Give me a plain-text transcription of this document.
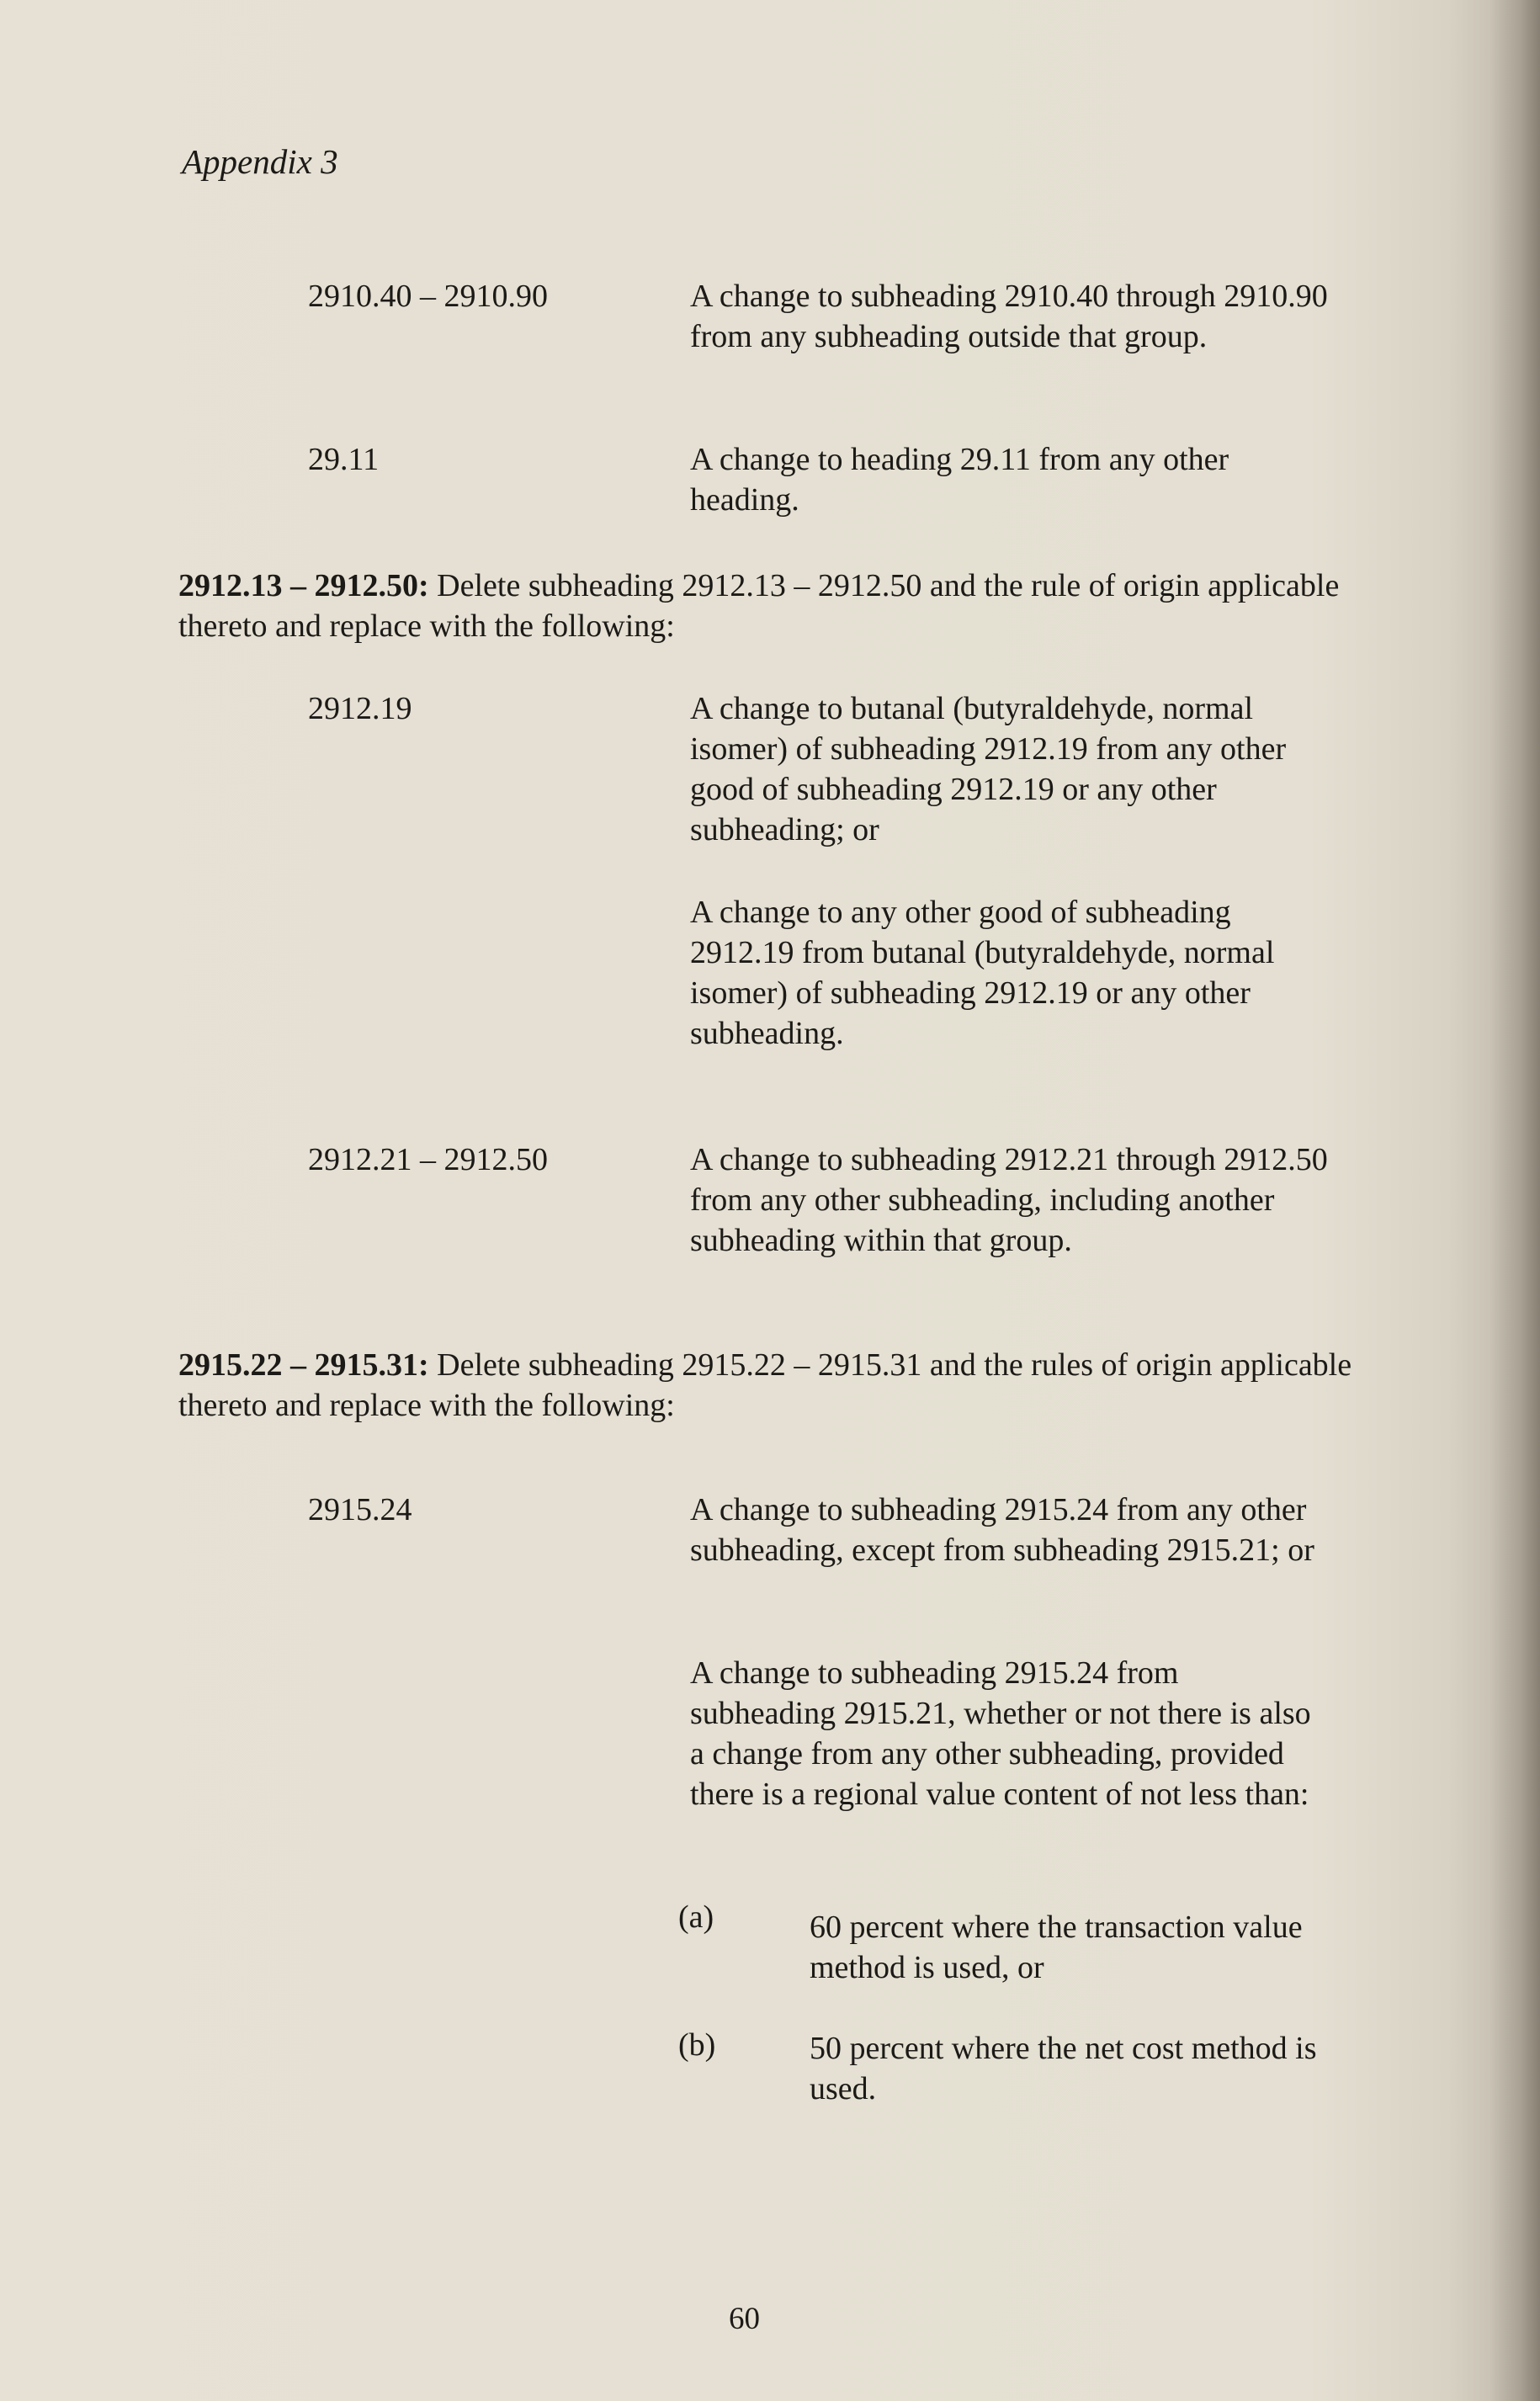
Appendix 3
2910.40 – 2910.90	A change to subheading 2910.40 through 2910.90 from any subheading outside that group.
29.11	A change to heading 29.11 from any other heading.
2912.13 – 2912.50: Delete subheading 2912.13 – 2912.50 and the rule of origin applicable thereto and replace with the following:
2912.19	A change to butanal (butyraldehyde, normal isomer) of subheading 2912.19 from any other good of subheading 2912.19 or any other subheading; or
A change to any other good of subheading 2912.19 from butanal (butyraldehyde, normal isomer) of subheading 2912.19 or any other subheading.
2912.21 – 2912.50	A change to subheading 2912.21 through 2912.50 from any other subheading, including another subheading within that group.
2915.22 – 2915.31: Delete subheading 2915.22 – 2915.31 and the rules of origin applicable thereto and replace with the following:
2915.24	A change to subheading 2915.24 from any other subheading, except from subheading 2915.21; or
A change to subheading 2915.24 from subheading 2915.21, whether or not there is also a change from any other subheading, provided there is a regional value content of not less than:
(a)	60 percent where the transaction value method is used, or
(b)	50 percent where the net cost method is used.
60
